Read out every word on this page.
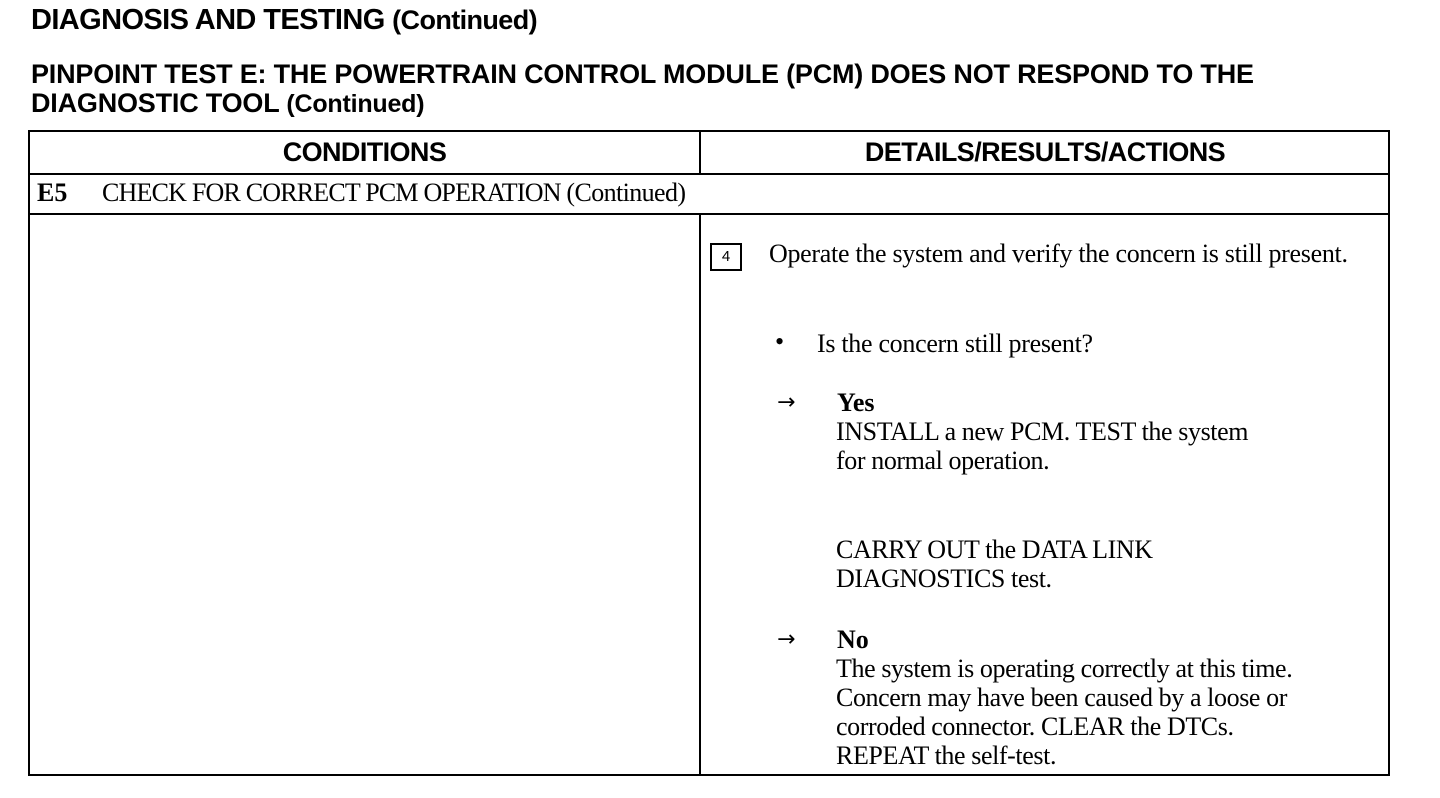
DIAGNOSIS AND TESTING (Continued)
PINPOINT TEST E: THE POWERTRAIN CONTROL MODULE (PCM) DOES NOT RESPOND TO THE DIAGNOSTIC TOOL (Continued)
CONDITIONS	DETAILS/RESULTS/ACTIONS
E5 CHECK FOR CORRECT PCM OPERATION (Continued)
4	Operate the system and verify the concern is still present.
• Is the concern still present?
→ Yes
INSTALL a new PCM. TEST the system
for normal operation.
CARRY OUT the DATA LINK
DIAGNOSTICS test.
→ No
The system is operating correctly at this time.
Concern may have been caused by a loose or
corroded connector. CLEAR the DTCs.
REPEAT the self-test.
